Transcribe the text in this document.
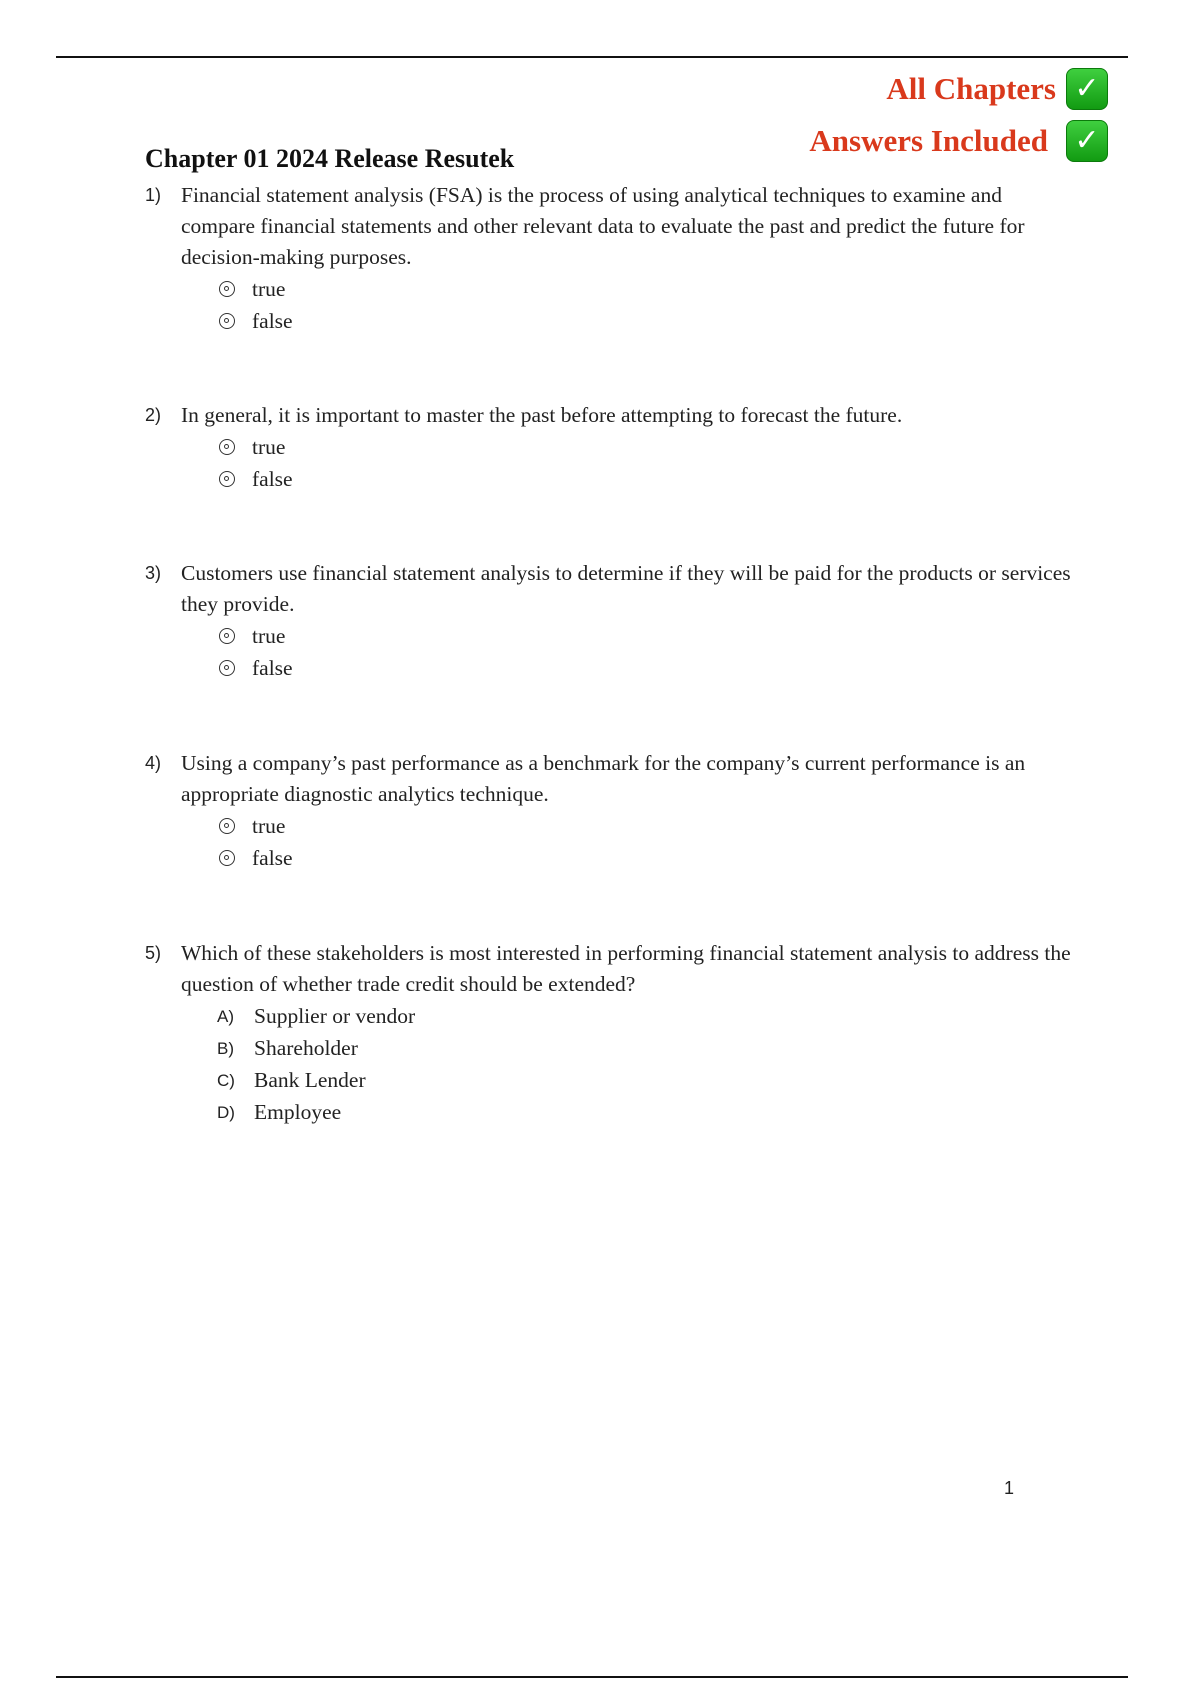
All Chapters ✓
Answers Included ✓
Chapter 01 2024 Release Resutek
1) Financial statement analysis (FSA) is the process of using analytical techniques to examine and compare financial statements and other relevant data to evaluate the past and predict the future for decision-making purposes.
true
false
2) In general, it is important to master the past before attempting to forecast the future.
true
false
3) Customers use financial statement analysis to determine if they will be paid for the products or services they provide.
true
false
4) Using a company’s past performance as a benchmark for the company’s current performance is an appropriate diagnostic analytics technique.
true
false
5) Which of these stakeholders is most interested in performing financial statement analysis to address the question of whether trade credit should be extended?
A) Supplier or vendor
B) Shareholder
C) Bank Lender
D) Employee
1
